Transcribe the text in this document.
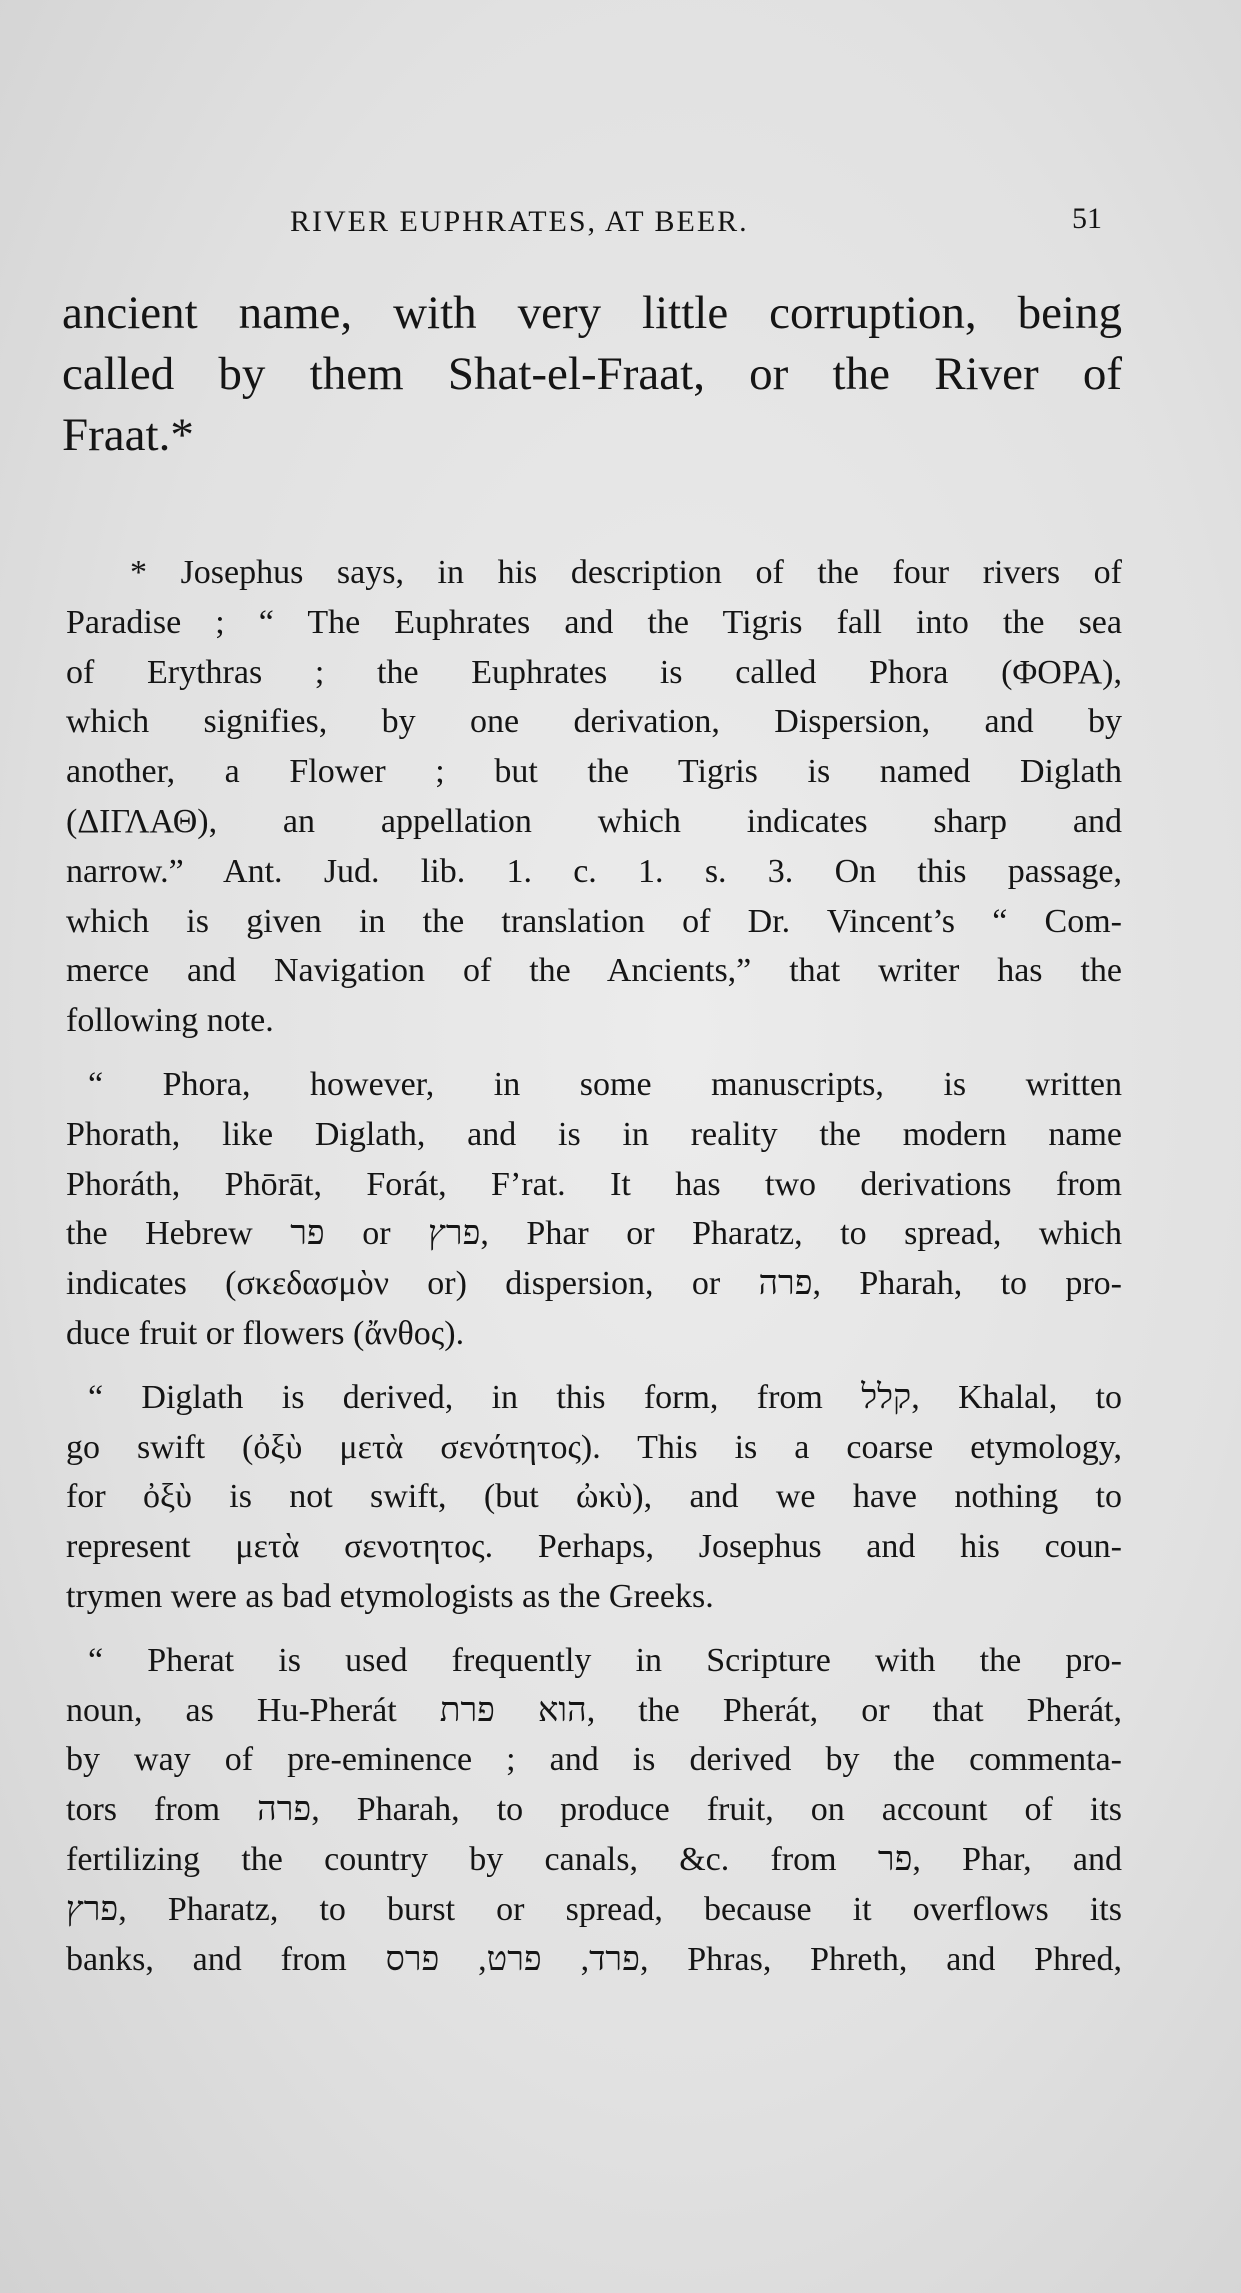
RIVER EUPHRATES, AT BEER.	51
ancient name, with very little corruption, being
called by them Shat-el-Fraat, or the River of
Fraat.*
* Josephus says, in his description of the four rivers of
Paradise ; “ The Euphrates and the Tigris fall into the sea
of Erythras ; the Euphrates is called Phora (ΦΟΡΑ),
which signifies, by one derivation, Dispersion, and by
another, a Flower ; but the Tigris is named Diglath
(ΔΙΓΛΑΘ), an appellation which indicates sharp and
narrow.” Ant. Jud. lib. 1. c. 1. s. 3. On this passage,
which is given in the translation of Dr. Vincent’s “ Com-
merce and Navigation of the Ancients,” that writer has the
following note.
“ Phora, however, in some manuscripts, is written
Phorath, like Diglath, and is in reality the modern name
Phoráth, Phōrāt, Forát, F’rat. It has two derivations from
the Hebrew פר or פרץ, Phar or Pharatz, to spread, which
indicates (σκεδασμὸν or) dispersion, or פרה, Pharah, to pro-
duce fruit or flowers (ἄνθος).
“ Diglath is derived, in this form, from קלל, Khalal, to
go swift (ὀξὺ μετὰ σενότητος). This is a coarse etymology,
for ὀξὺ is not swift, (but ὠκὺ), and we have nothing to
represent μετὰ σενοτητος. Perhaps, Josephus and his coun-
trymen were as bad etymologists as the Greeks.
“ Pherat is used frequently in Scripture with the pro-
noun, as Hu-Pherát הוא פרת, the Pherát, or that Pherát,
by way of pre-eminence ; and is derived by the commenta-
tors from פרה, Pharah, to produce fruit, on account of its
fertilizing the country by canals, &c. from פר, Phar, and
פרץ, Pharatz, to burst or spread, because it overflows its
banks, and from פרד, פרט, פרס, Phras, Phreth, and Phred,
